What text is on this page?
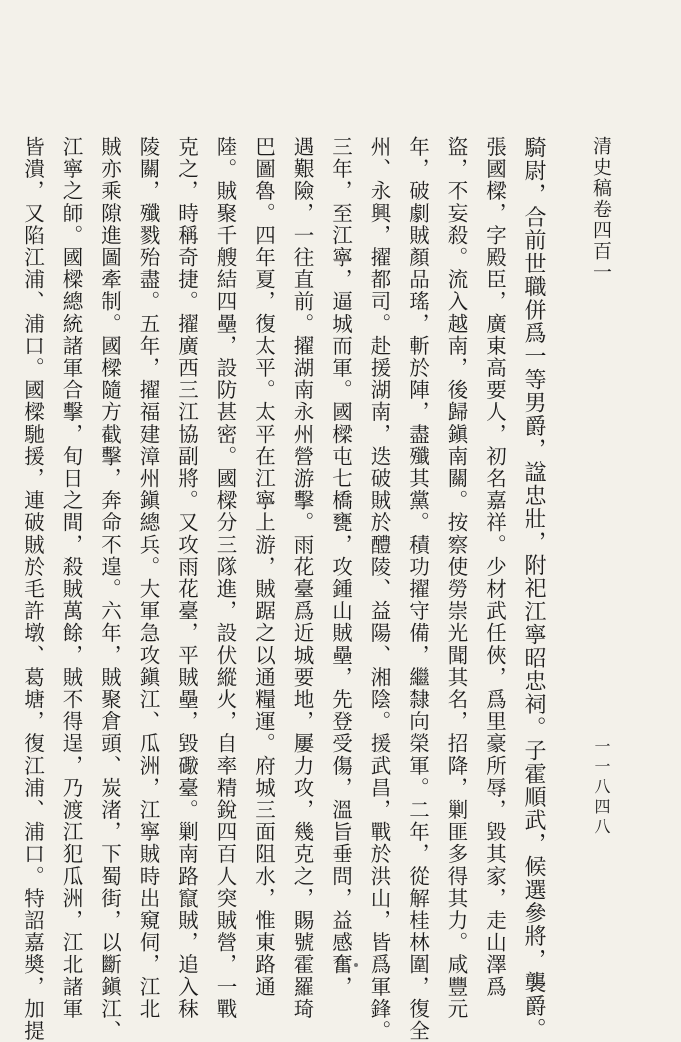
清史稿卷四百一
一一八四八
騎尉，合前世職併爲一等男爵，諡忠壯，附祀江寧昭忠祠。子霍順武，候選參將，襲爵。
張國樑，字殿臣，廣東高要人，初名嘉祥。少材武任俠，爲里豪所辱，毀其家，走山澤爲
盜，不妄殺。流入越南，後歸鎭南關。按察使勞崇光聞其名，招降，剿匪多得其力。咸豐元
年，破劇賊顏品瑤，斬於陣，盡殲其黨。積功擢守備，繼隸向榮軍。二年，從解桂林圍，復全
州、永興，擢都司。赴援湖南，迭破賊於醴陵、益陽、湘陰。援武昌，戰於洪山，皆爲軍鋒。
三年，至江寧，逼城而軍。國樑屯七橋甕，攻鍾山賊壘，先登受傷，溫旨垂問，益感奮，
遇艱險，一往直前。擢湖南永州營游擊。雨花臺爲近城要地，屢力攻，幾克之，賜號霍羅琦
巴圖魯。四年夏，復太平。太平在江寧上游，賊踞之以通糧運。府城三面阻水，惟東路通
陸。賊聚千艘結四壘，設防甚密。國樑分三隊進，設伏縱火，自率精銳四百人突賊營，一戰
克之，時稱奇捷。擢廣西三江協副將。又攻雨花臺，平賊壘，毀礮臺。剿南路竄賊，追入秣
陵關，殲戮殆盡。五年，擢福建漳州鎭總兵。大軍急攻鎭江、瓜洲，江寧賊時出窺伺，江北
賊亦乘隙進圖牽制。國樑隨方截擊，奔命不遑。六年，賊聚倉頭、炭渚，下蜀街，以斷鎭江、
江寧之師。國樑總統諸軍合擊，旬日之間，殺賊萬餘，賊不得逞，乃渡江犯瓜洲，江北諸軍
皆潰，又陷江浦、浦口。國樑馳援，連破賊於毛許墩、葛塘，復江浦、浦口。特詔嘉奬，加提
